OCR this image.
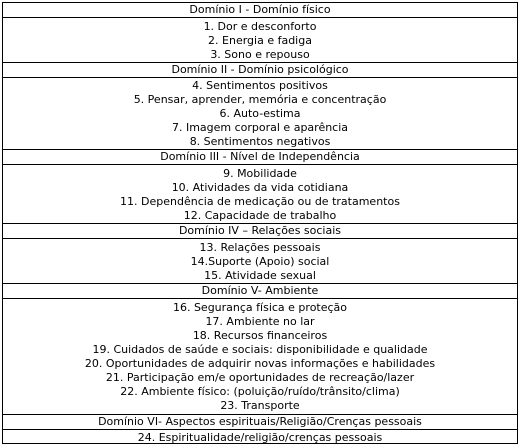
Domínio I - Domínio físico
1. Dor e desconforto
2. Energia e fadiga
3. Sono e repouso
Domínio II - Domínio psicológico
4. Sentimentos positivos
5. Pensar, aprender, memória e concentração
6. Auto-estima
7. Imagem corporal e aparência
8. Sentimentos negativos
Domínio III - Nível de Independência
9. Mobilidade
10. Atividades da vida cotidiana
11. Dependência de medicação ou de tratamentos
12. Capacidade de trabalho
Domínio IV – Relações sociais
13. Relações pessoais
14.Suporte (Apoio) social
15. Atividade sexual
Domínio V- Ambiente
16. Segurança física e proteção
17. Ambiente no lar
18. Recursos financeiros
19. Cuidados de saúde e sociais: disponibilidade e qualidade
20. Oportunidades de adquirir novas informações e habilidades
21. Participação em/e oportunidades de recreação/lazer
22. Ambiente físico: (poluição/ruído/trânsito/clima)
23. Transporte
Domínio VI- Aspectos espirituais/Religião/Crenças pessoais
24. Espiritualidade/religião/crenças pessoais
